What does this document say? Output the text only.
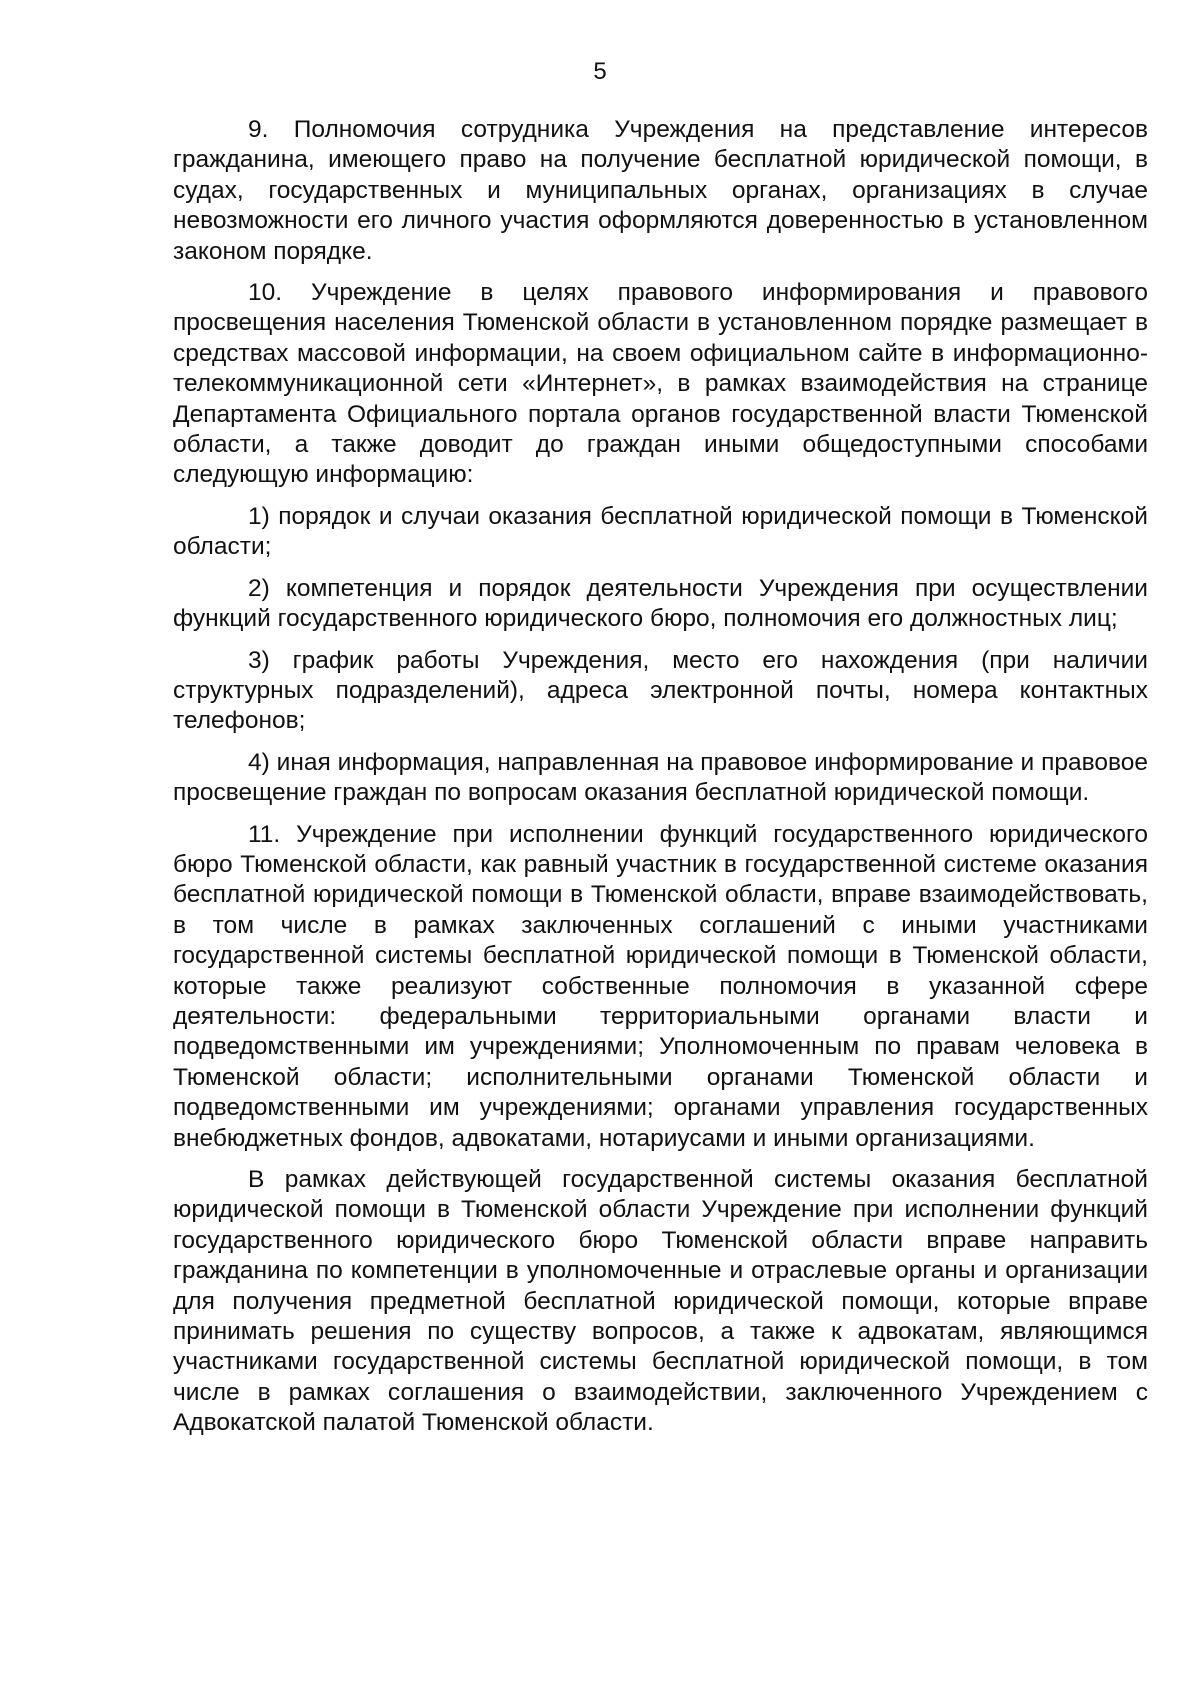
5

9. Полномочия сотрудника Учреждения на представление интересов гражданина, имеющего право на получение бесплатной юридической помощи, в судах, государственных и муниципальных органах, организациях в случае невозможности его личного участия оформляются доверенностью в установленном законом порядке.

10. Учреждение в целях правового информирования и правового просвещения населения Тюменской области в установленном порядке размещает в средствах массовой информации, на своем официальном сайте в информационно-телекоммуникационной сети «Интернет», в рамках взаимодействия на странице Департамента Официального портала органов государственной власти Тюменской области, а также доводит до граждан иными общедоступными способами следующую информацию:

1) порядок и случаи оказания бесплатной юридической помощи в Тюменской области;

2) компетенция и порядок деятельности Учреждения при осуществлении функций государственного юридического бюро, полномочия его должностных лиц;

3) график работы Учреждения, место его нахождения (при наличии структурных подразделений), адреса электронной почты, номера контактных телефонов;

4) иная информация, направленная на правовое информирование и правовое просвещение граждан по вопросам оказания бесплатной юридической помощи.

11. Учреждение при исполнении функций государственного юридического бюро Тюменской области, как равный участник в государственной системе оказания бесплатной юридической помощи в Тюменской области, вправе взаимодействовать, в том числе в рамках заключенных соглашений с иными участниками государственной системы бесплатной юридической помощи в Тюменской области, которые также реализуют собственные полномочия в указанной сфере деятельности: федеральными территориальными органами власти и подведомственными им учреждениями; Уполномоченным по правам человека в Тюменской области; исполнительными органами Тюменской области и подведомственными им учреждениями; органами управления государственных внебюджетных фондов, адвокатами, нотариусами и иными организациями.

В рамках действующей государственной системы оказания бесплатной юридической помощи в Тюменской области Учреждение при исполнении функций государственного юридического бюро Тюменской области вправе направить гражданина по компетенции в уполномоченные и отраслевые органы и организации для получения предметной бесплатной юридической помощи, которые вправе принимать решения по существу вопросов, а также к адвокатам, являющимся участниками государственной системы бесплатной юридической помощи, в том числе в рамках соглашения о взаимодействии, заключенного Учреждением с Адвокатской палатой Тюменской области.
